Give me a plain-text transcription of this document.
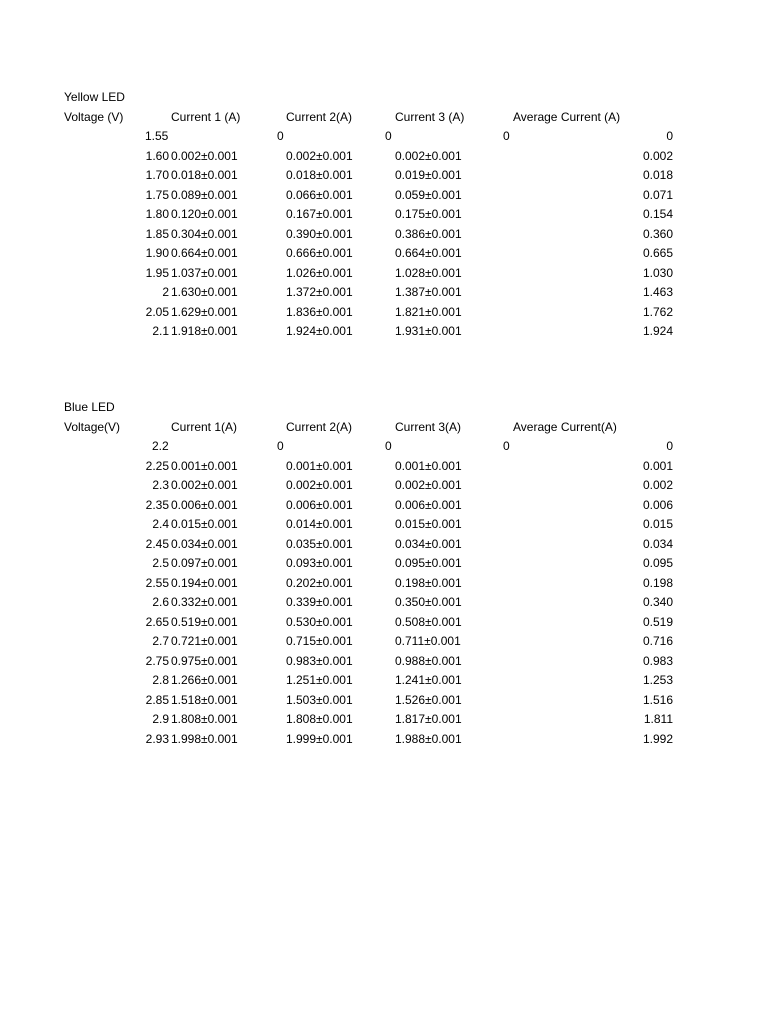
Yellow LED
Voltage (V)	Current 1 (A)	Current 2(A)	Current 3 (A)	Average Current (A)
1.55	0	0	0	0
1.60 0.002±0.001	0.002±0.001	0.002±0.001	0.002
1.70 0.018±0.001	0.018±0.001	0.019±0.001	0.018
1.75 0.089±0.001	0.066±0.001	0.059±0.001	0.071
1.80 0.120±0.001	0.167±0.001	0.175±0.001	0.154
1.85 0.304±0.001	0.390±0.001	0.386±0.001	0.360
1.90 0.664±0.001	0.666±0.001	0.664±0.001	0.665
1.95 1.037±0.001	1.026±0.001	1.028±0.001	1.030
2 1.630±0.001	1.372±0.001	1.387±0.001	1.463
2.05 1.629±0.001	1.836±0.001	1.821±0.001	1.762
2.1 1.918±0.001	1.924±0.001	1.931±0.001	1.924
Blue LED
Voltage(V)	Current 1(A)	Current 2(A)	Current 3(A)	Average Current(A)
2.2	0	0	0	0
2.25 0.001±0.001	0.001±0.001	0.001±0.001	0.001
2.3 0.002±0.001	0.002±0.001	0.002±0.001	0.002
2.35 0.006±0.001	0.006±0.001	0.006±0.001	0.006
2.4 0.015±0.001	0.014±0.001	0.015±0.001	0.015
2.45 0.034±0.001	0.035±0.001	0.034±0.001	0.034
2.5 0.097±0.001	0.093±0.001	0.095±0.001	0.095
2.55 0.194±0.001	0.202±0.001	0.198±0.001	0.198
2.6 0.332±0.001	0.339±0.001	0.350±0.001	0.340
2.65 0.519±0.001	0.530±0.001	0.508±0.001	0.519
2.7 0.721±0.001	0.715±0.001	0.711±0.001	0.716
2.75 0.975±0.001	0.983±0.001	0.988±0.001	0.983
2.8 1.266±0.001	1.251±0.001	1.241±0.001	1.253
2.85 1.518±0.001	1.503±0.001	1.526±0.001	1.516
2.9 1.808±0.001	1.808±0.001	1.817±0.001	1.811
2.93 1.998±0.001	1.999±0.001	1.988±0.001	1.992
